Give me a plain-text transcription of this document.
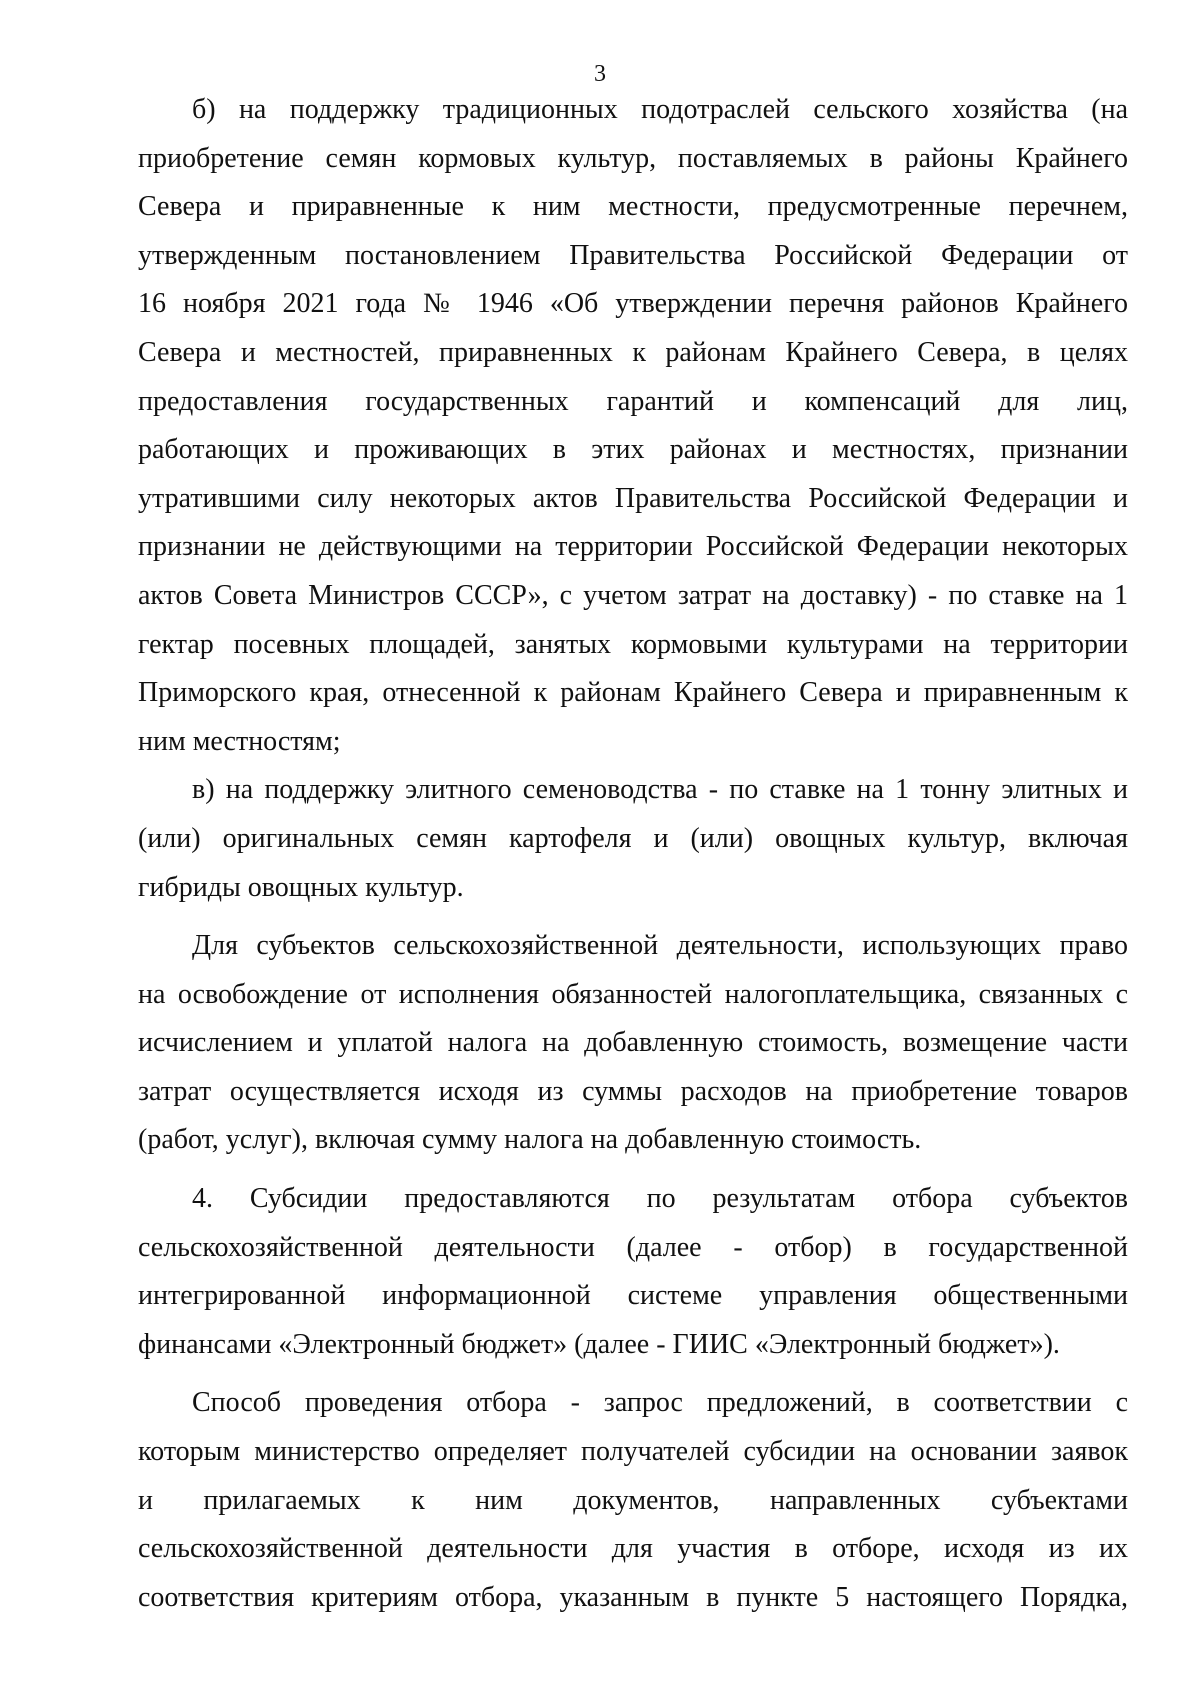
3
б) на поддержку традиционных подотраслей сельского хозяйства (на
приобретение семян кормовых культур, поставляемых в районы Крайнего
Севера и приравненные к ним местности, предусмотренные перечнем,
утвержденным постановлением Правительства Российской Федерации от
16 ноября 2021 года № 1946 «Об утверждении перечня районов Крайнего
Севера и местностей, приравненных к районам Крайнего Севера, в целях
предоставления государственных гарантий и компенсаций для лиц,
работающих и проживающих в этих районах и местностях, признании
утратившими силу некоторых актов Правительства Российской Федерации и
признании не действующими на территории Российской Федерации некоторых
актов Совета Министров СССР», с учетом затрат на доставку) - по ставке на 1
гектар посевных площадей, занятых кормовыми культурами на территории
Приморского края, отнесенной к районам Крайнего Севера и приравненным к
ним местностям;
в) на поддержку элитного семеноводства - по ставке на 1 тонну элитных и
(или) оригинальных семян картофеля и (или) овощных культур, включая
гибриды овощных культур.
Для субъектов сельскохозяйственной деятельности, использующих право
на освобождение от исполнения обязанностей налогоплательщика, связанных с
исчислением и уплатой налога на добавленную стоимость, возмещение части
затрат осуществляется исходя из суммы расходов на приобретение товаров
(работ, услуг), включая сумму налога на добавленную стоимость.
4. Субсидии предоставляются по результатам отбора субъектов
сельскохозяйственной деятельности (далее - отбор) в государственной
интегрированной информационной системе управления общественными
финансами «Электронный бюджет» (далее - ГИИС «Электронный бюджет»).
Способ проведения отбора - запрос предложений, в соответствии с
которым министерство определяет получателей субсидии на основании заявок
и прилагаемых к ним документов, направленных субъектами
сельскохозяйственной деятельности для участия в отборе, исходя из их
соответствия критериям отбора, указанным в пункте 5 настоящего Порядка,
